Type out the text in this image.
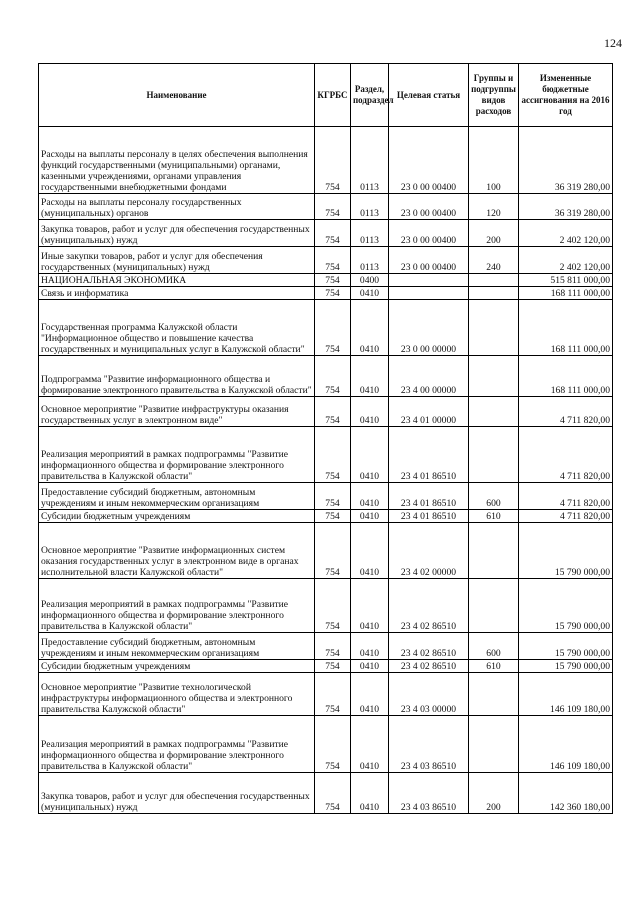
124
Наименование	КГРБС	Раздел, подраздел	Целевая статья	Группы и подгруппы видов расходов	Измененные бюджетные ассигнования на 2016 год
Расходы на выплаты персоналу в целях обеспечения выполнения функций государственными (муниципальными) органами, казенными учреждениями, органами управления государственными внебюджетными фондами	754	0113	23 0 00 00400	100	36 319 280,00
Расходы на выплаты персоналу государственных (муниципальных) органов	754	0113	23 0 00 00400	120	36 319 280,00
Закупка товаров, работ и услуг для обеспечения государственных (муниципальных) нужд	754	0113	23 0 00 00400	200	2 402 120,00
Иные закупки товаров, работ и услуг для обеспечения государственных (муниципальных) нужд	754	0113	23 0 00 00400	240	2 402 120,00
НАЦИОНАЛЬНАЯ ЭКОНОМИКА	754	0400			515 811 000,00
Связь и информатика	754	0410			168 111 000,00
Государственная программа Калужской области "Информационное общество и повышение качества государственных и муниципальных услуг в Калужской области"	754	0410	23 0 00 00000		168 111 000,00
Подпрограмма "Развитие информационного общества и формирование электронного правительства в Калужской области"	754	0410	23 4 00 00000		168 111 000,00
Основное мероприятие "Развитие инфраструктуры оказания государственных услуг в электронном виде"	754	0410	23 4 01 00000		4 711 820,00
Реализация мероприятий в рамках подпрограммы "Развитие информационного общества и формирование электронного правительства в Калужской области"	754	0410	23 4 01 86510		4 711 820,00
Предоставление субсидий бюджетным, автономным учреждениям и иным некоммерческим организациям	754	0410	23 4 01 86510	600	4 711 820,00
Субсидии бюджетным учреждениям	754	0410	23 4 01 86510	610	4 711 820,00
Основное мероприятие "Развитие информационных систем оказания государственных услуг в электронном виде в органах исполнительной власти Калужской области"	754	0410	23 4 02 00000		15 790 000,00
Реализация мероприятий в рамках подпрограммы "Развитие информационного общества и формирование электронного правительства в Калужской области"	754	0410	23 4 02 86510		15 790 000,00
Предоставление субсидий бюджетным, автономным учреждениям и иным некоммерческим организациям	754	0410	23 4 02 86510	600	15 790 000,00
Субсидии бюджетным учреждениям	754	0410	23 4 02 86510	610	15 790 000,00
Основное мероприятие "Развитие технологической инфраструктуры информационного общества и электронного правительства Калужской области"	754	0410	23 4 03 00000		146 109 180,00
Реализация мероприятий в рамках подпрограммы "Развитие информационного общества и формирование электронного правительства в Калужской области"	754	0410	23 4 03 86510		146 109 180,00
Закупка товаров, работ и услуг для обеспечения государственных (муниципальных) нужд	754	0410	23 4 03 86510	200	142 360 180,00
